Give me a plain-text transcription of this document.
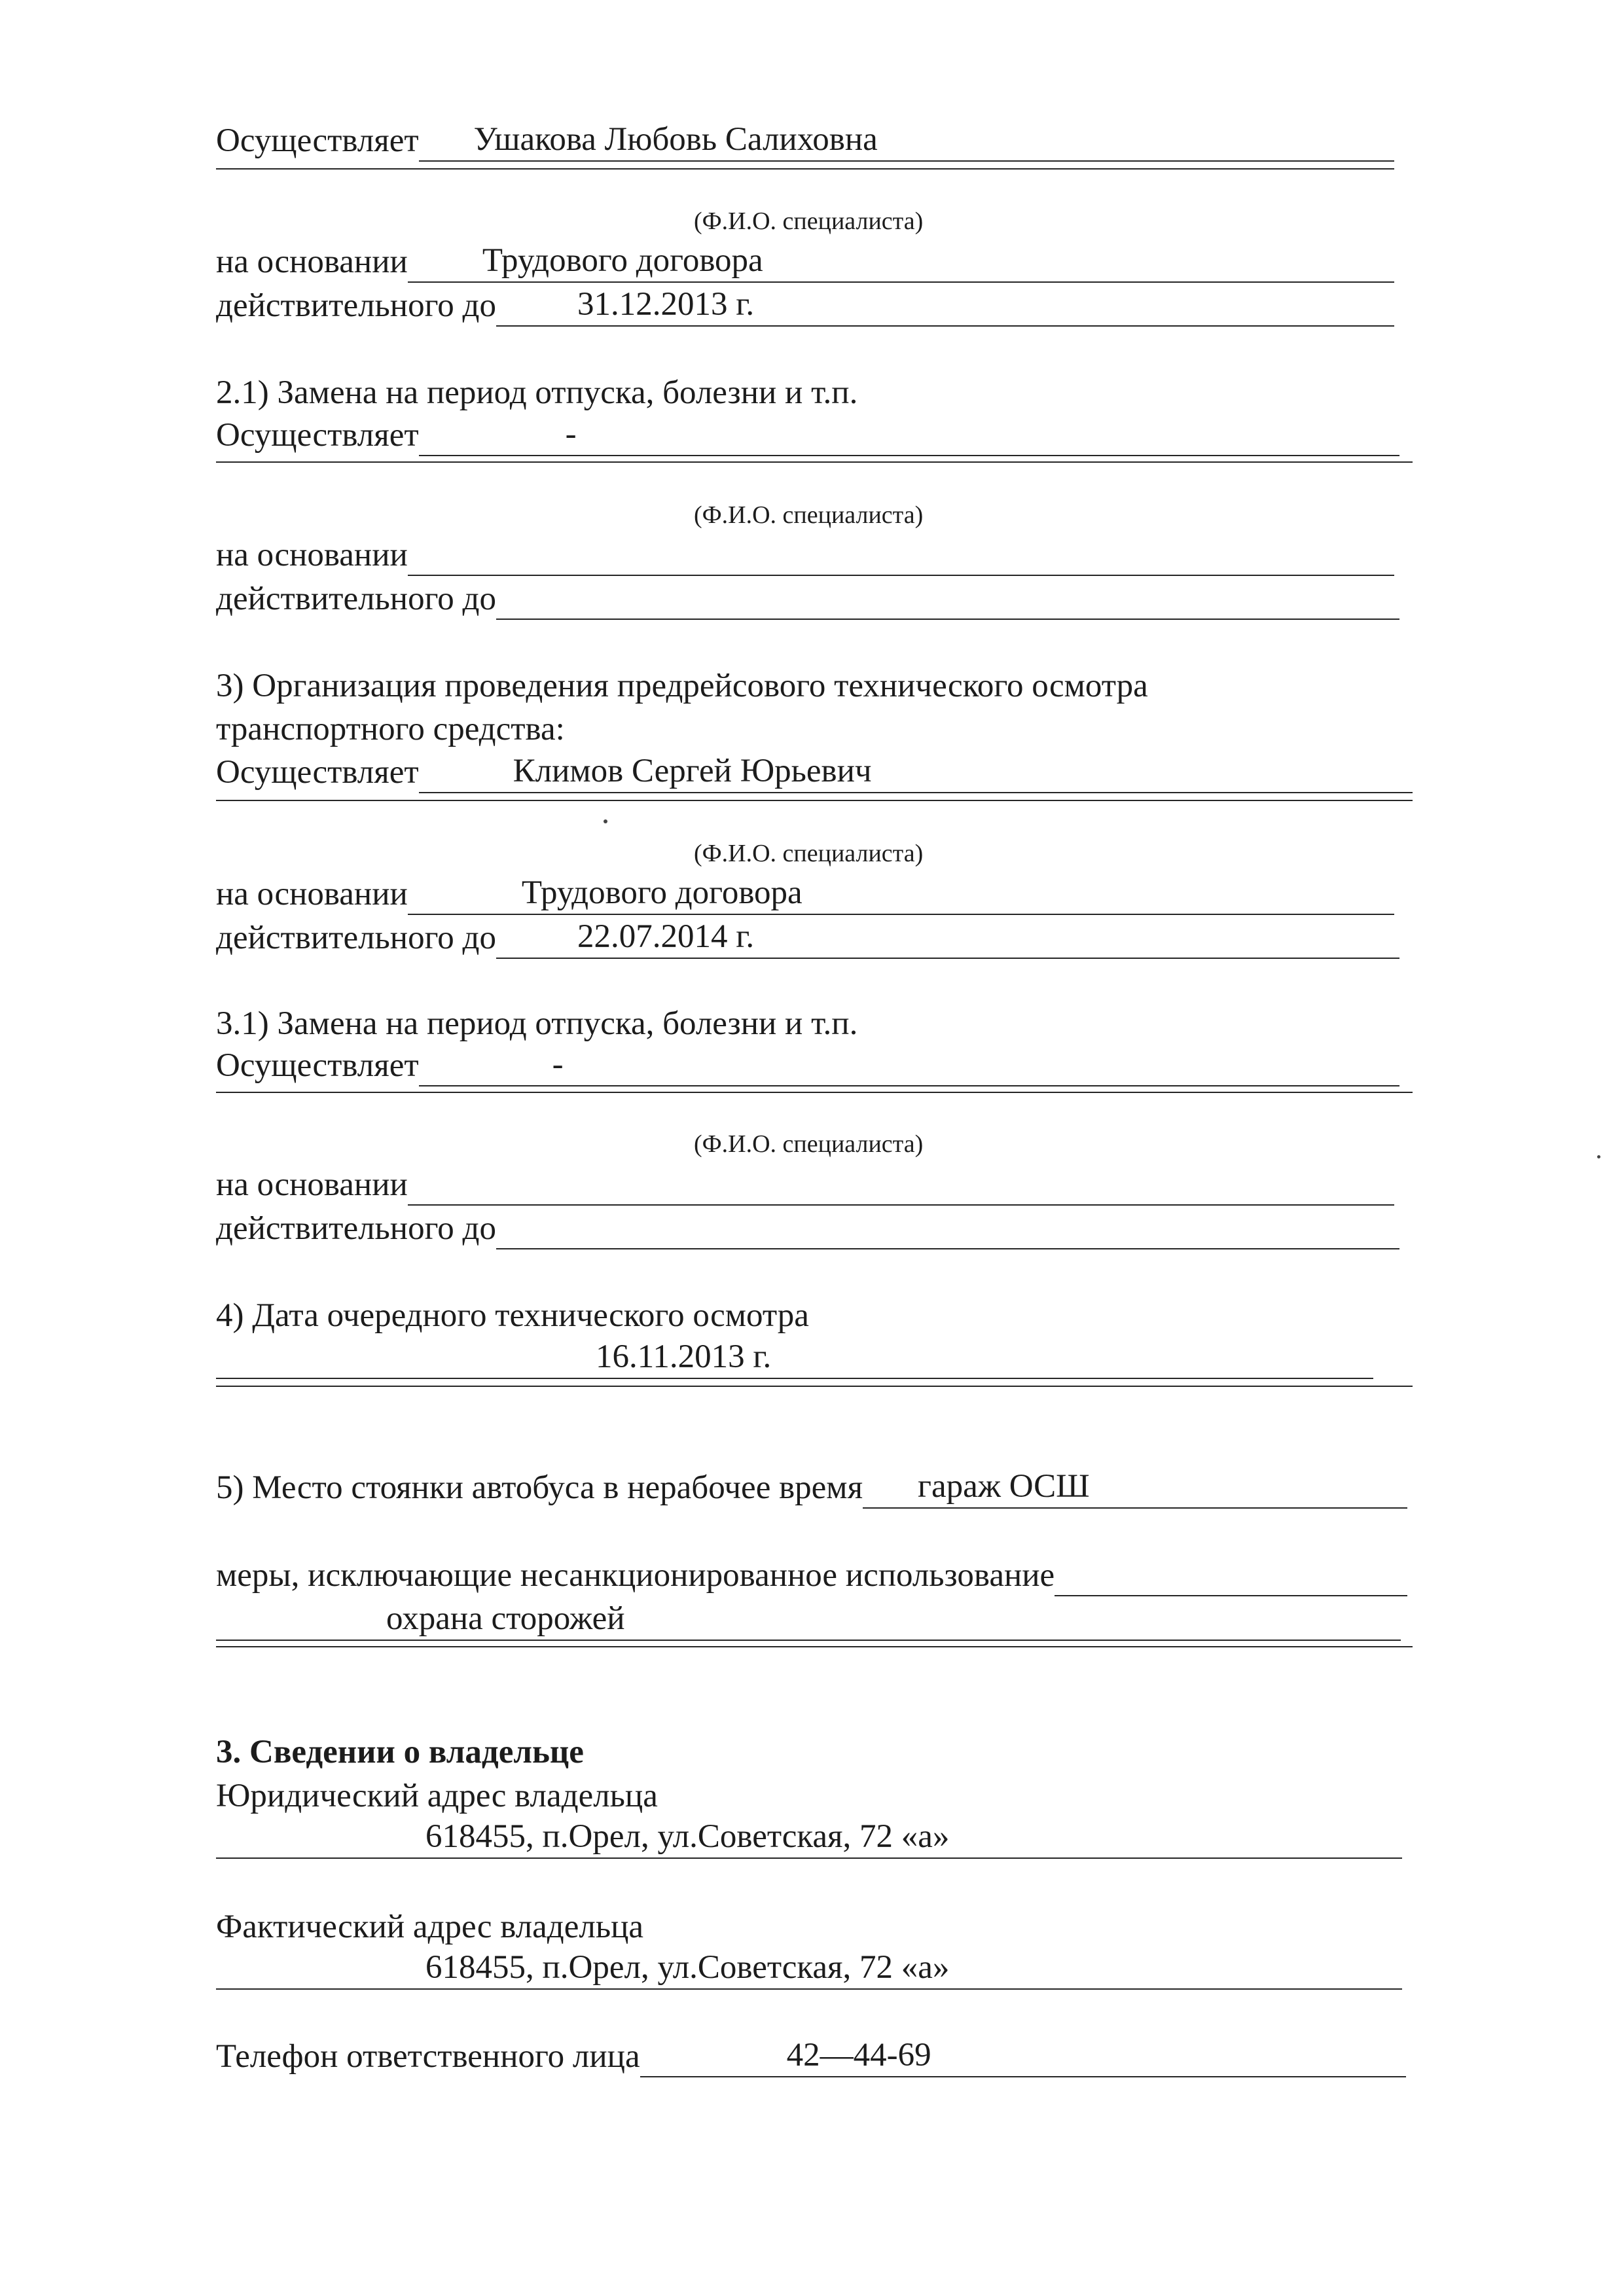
Осуществляет Ушакова Любовь Салиховна
(Ф.И.О. специалиста)
на основании Трудового договора
действительного до 31.12.2013 г.
2.1) Замена на период отпуска, болезни и т.п.
Осуществляет	-
(Ф.И.О. специалиста)
на основании
действительного до
3) Организация проведения предрейсового технического осмотра
транспортного средства:
Осуществляет	Климов Сергей Юрьевич
(Ф.И.О. специалиста)
на основании	Трудового договора
действительного до 22.07.2014 г.
3.1) Замена на период отпуска, болезни и т.п.
Осуществляет	-
(Ф.И.О. специалиста)
на основании
действительного до
4) Дата очередного технического осмотра
16.11.2013 г.
5) Место стоянки автобуса в нерабочее время гараж ОСШ
меры, исключающие несанкционированное использование
охрана сторожей
3. Сведении о владельце
Юридический адрес владельца
618455, п.Орел, ул.Советская, 72 «а»
Фактический адрес владельца
618455, п.Орел, ул.Советская, 72 «а»
Телефон ответственного лица	42—44-69
